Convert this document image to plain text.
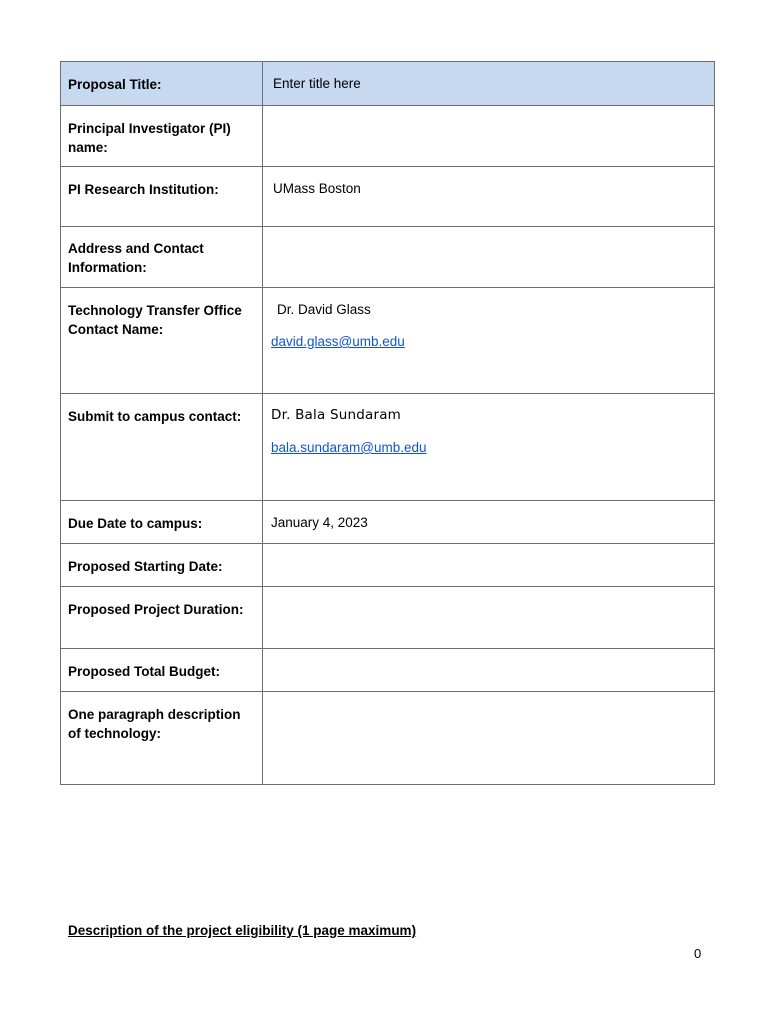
Proposal Title:	Enter title here
Principal Investigator (PI) name:	
PI Research Institution:	UMass Boston
Address and Contact Information:	
Technology Transfer Office Contact Name:	Dr. David Glass
david.glass@umb.edu

Submit to campus contact:	Dr. Bala Sundaram
bala.sundaram@umb.edu

Due Date to campus:	January 4, 2023
Proposed Starting Date:	
Proposed Project Duration:	
Proposed Total Budget:	
One paragraph description of technology:	
Description of the project eligibility (1 page maximum)
0
